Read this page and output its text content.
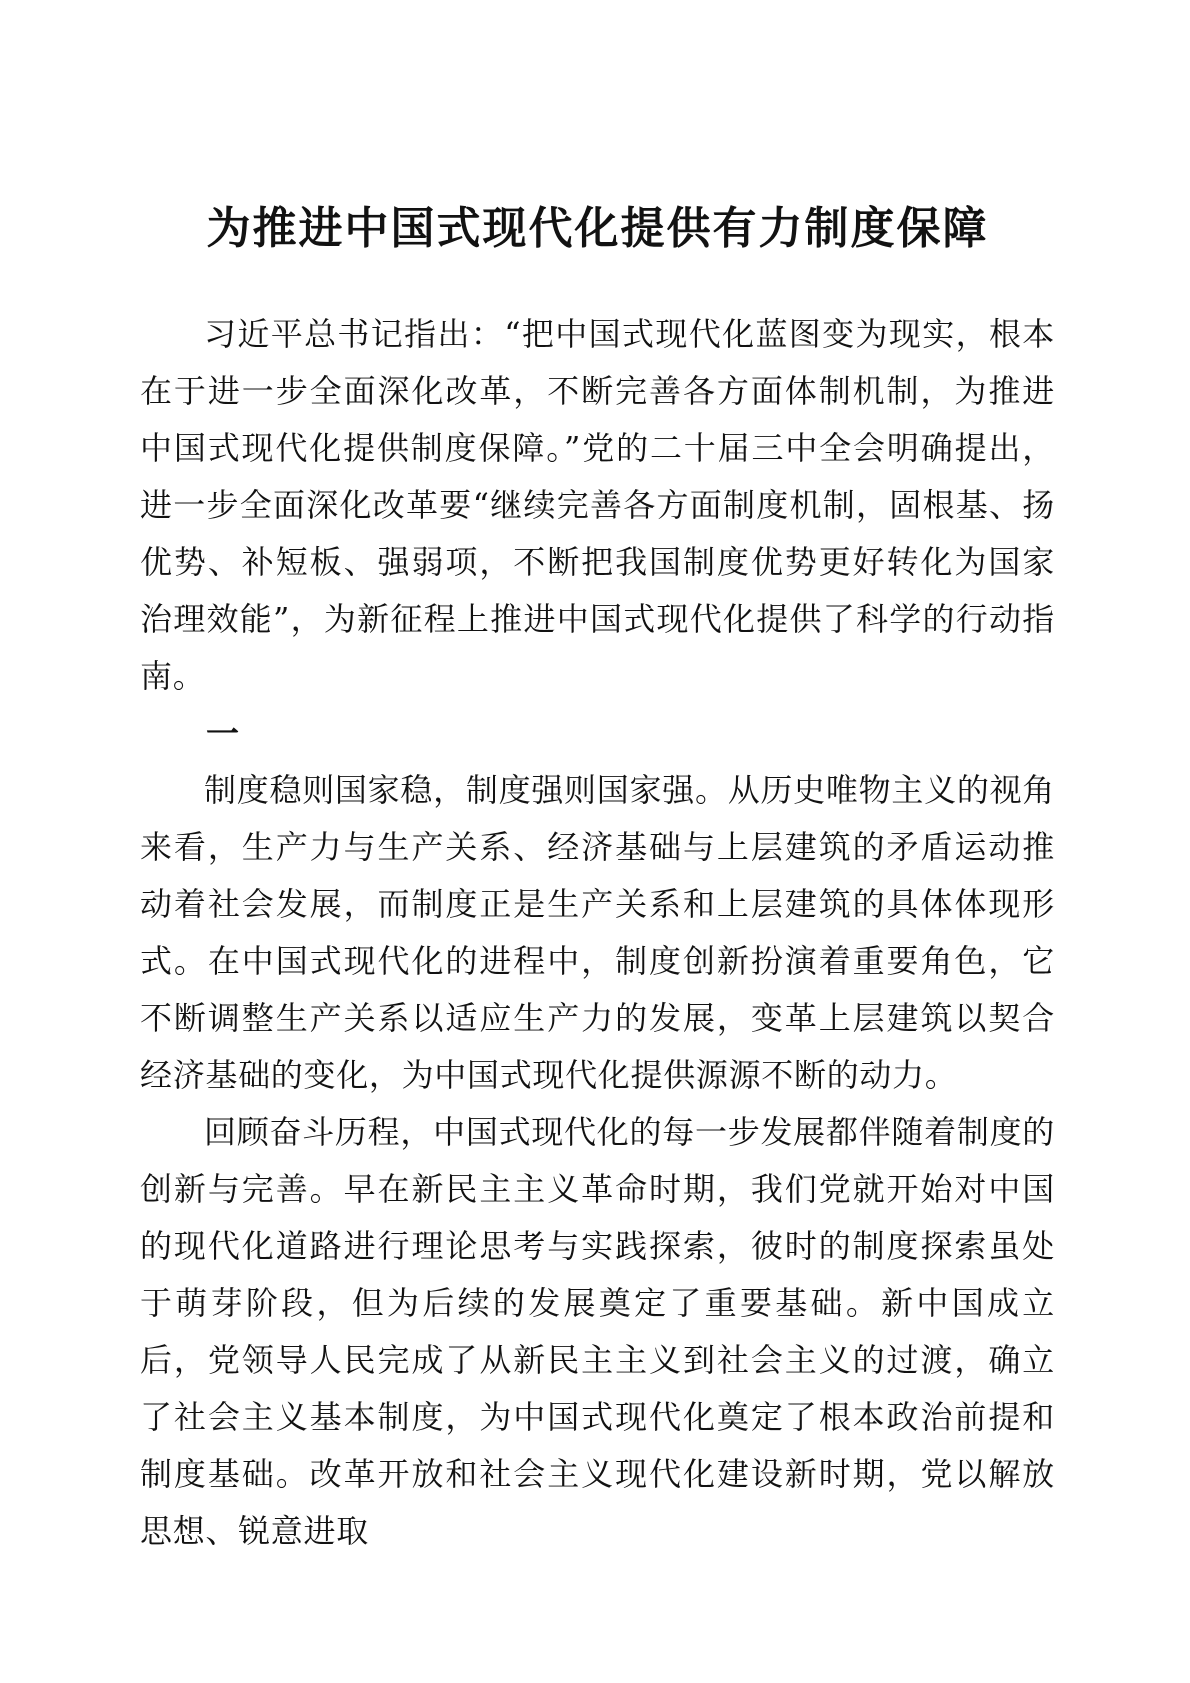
为推进中国式现代化提供有力制度保障

习近平总书记指出：“把中国式现代化蓝图变为现实，根本在于进一步全面深化改革，不断完善各方面体制机制，为推进中国式现代化提供制度保障。”党的二十届三中全会明确提出，进一步全面深化改革要“继续完善各方面制度机制，固根基、扬优势、补短板、强弱项，不断把我国制度优势更好转化为国家治理效能”，为新征程上推进中国式现代化提供了科学的行动指南。

一

制度稳则国家稳，制度强则国家强。从历史唯物主义的视角来看，生产力与生产关系、经济基础与上层建筑的矛盾运动推动着社会发展，而制度正是生产关系和上层建筑的具体体现形式。在中国式现代化的进程中，制度创新扮演着重要角色，它不断调整生产关系以适应生产力的发展，变革上层建筑以契合经济基础的变化，为中国式现代化提供源源不断的动力。

回顾奋斗历程，中国式现代化的每一步发展都伴随着制度的创新与完善。早在新民主主义革命时期，我们党就开始对中国的现代化道路进行理论思考与实践探索，彼时的制度探索虽处于萌芽阶段，但为后续的发展奠定了重要基础。新中国成立后，党领导人民完成了从新民主主义到社会主义的过渡，确立了社会主义基本制度，为中国式现代化奠定了根本政治前提和制度基础。改革开放和社会主义现代化建设新时期，党以解放思想、锐意进取
